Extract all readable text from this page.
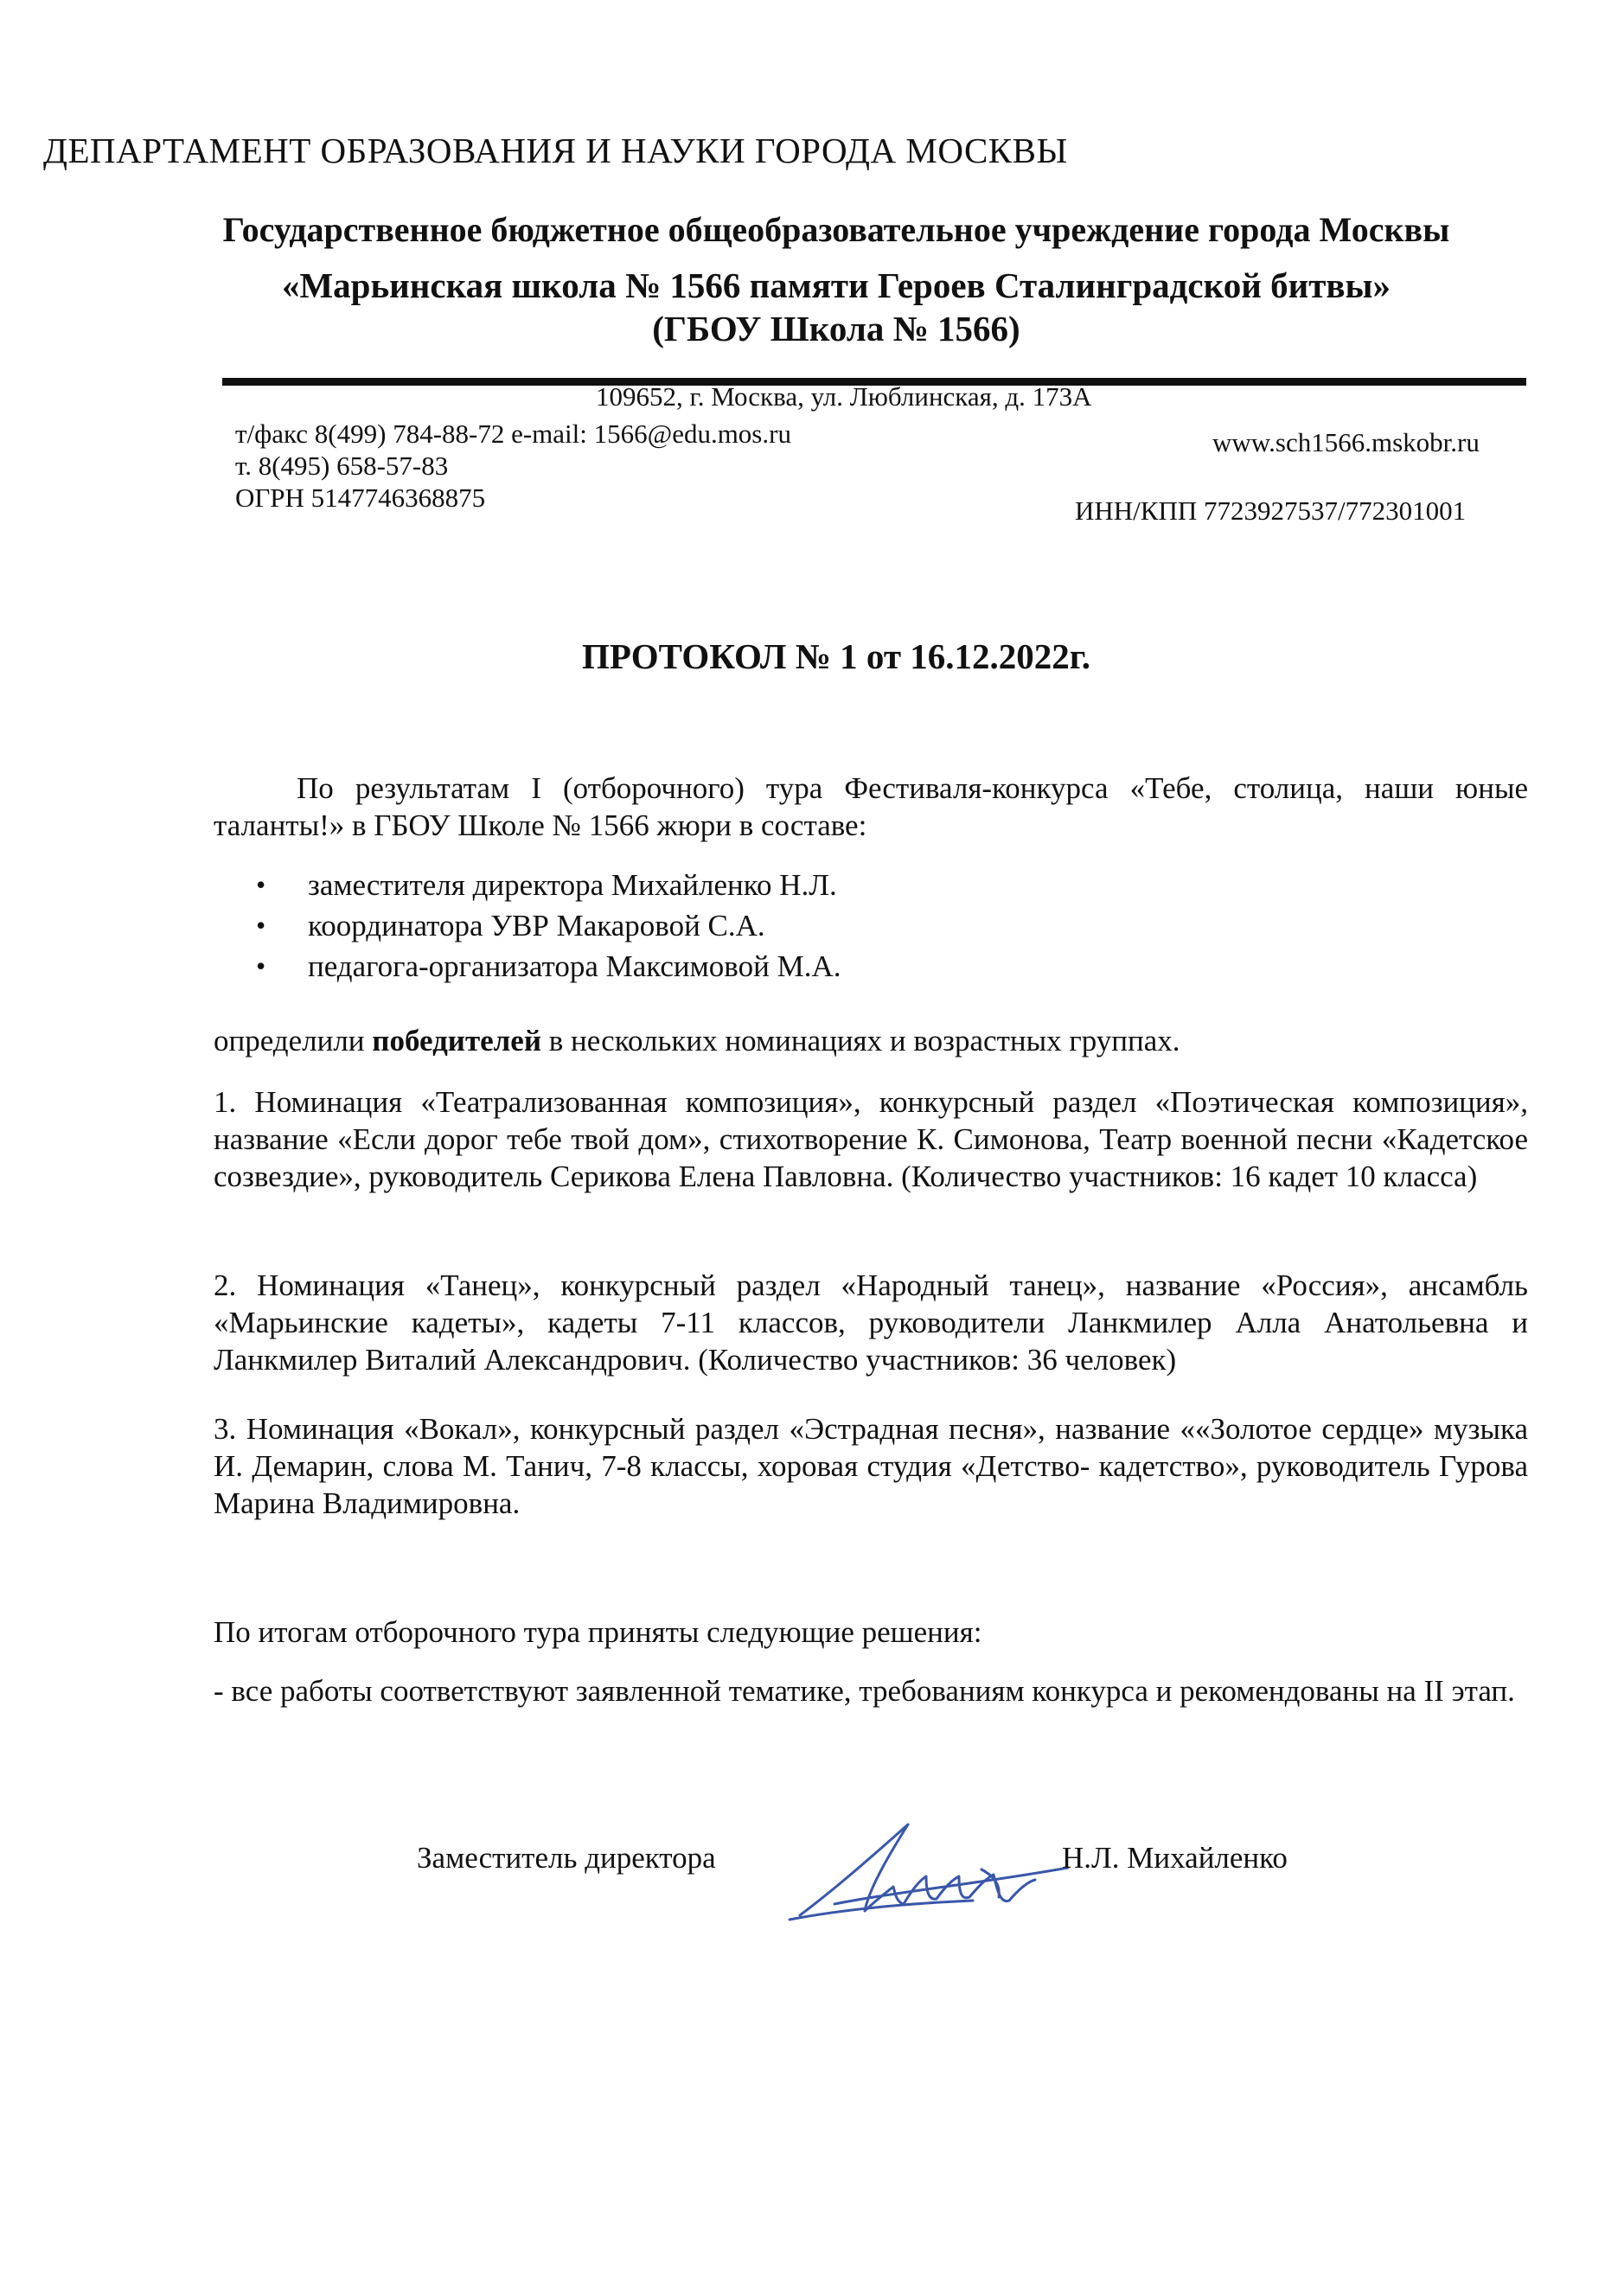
ДЕПАРТАМЕНТ ОБРАЗОВАНИЯ И НАУКИ ГОРОДА МОСКВЫ
Государственное бюджетное общеобразовательное учреждение города Москвы
«Марьинская школа № 1566 памяти Героев Сталинградской битвы»
(ГБОУ Школа № 1566)
109652, г. Москва, ул. Люблинская, д. 173А
т/факс 8(499) 784-88-72 e-mail: 1566@edu.mos.ru
т. 8(495) 658-57-83
ОГРН 5147746368875
www.sch1566.mskobr.ru
ИНН/КПП 7723927537/772301001
ПРОТОКОЛ № 1 от 16.12.2022г.
По результатам I (отборочного) тура Фестиваля-конкурса «Тебе, столица, наши юные таланты!» в ГБОУ Школе № 1566 жюри в составе:
• заместителя директора Михайленко Н.Л.
• координатора УВР Макаровой С.А.
• педагога-организатора Максимовой М.А.
определили победителей в нескольких номинациях и возрастных группах.
1. Номинация «Театрализованная композиция», конкурсный раздел «Поэтическая композиция», название «Если дорог тебе твой дом», стихотворение К. Симонова, Театр военной песни «Кадетское созвездие», руководитель Серикова Елена Павловна. (Количество участников: 16 кадет 10 класса)
2. Номинация «Танец», конкурсный раздел «Народный танец», название «Россия», ансамбль «Марьинские кадеты», кадеты 7-11 классов, руководители Ланкмилер Алла Анатольевна и Ланкмилер Виталий Александрович. (Количество участников: 36 человек)
3. Номинация «Вокал», конкурсный раздел «Эстрадная песня», название ««Золотое сердце» музыка И. Демарин, слова М. Танич, 7-8 классы, хоровая студия «Детство- кадетство», руководитель Гурова Марина Владимировна.
По итогам отборочного тура приняты следующие решения:
- все работы соответствуют заявленной тематике, требованиям конкурса и рекомендованы на II этап.
Заместитель директора	Н.Л. Михайленко
